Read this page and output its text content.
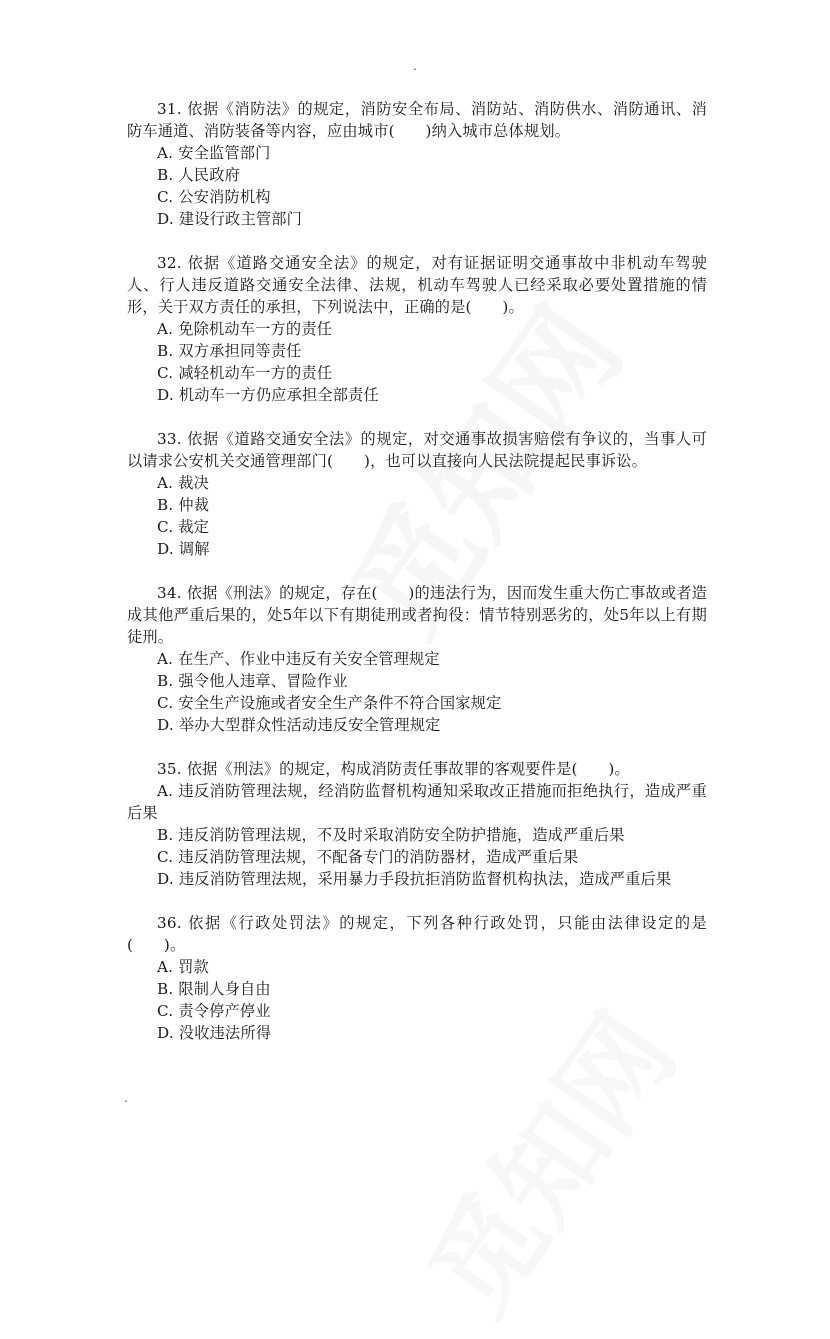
.
31. 依据《消防法》的规定，消防安全布局、消防站、消防供水、消防通讯、消防车通道、消防装备等内容，应由城市(　　)纳入城市总体规划。
A. 安全监管部门
B. 人民政府
C. 公安消防机构
D. 建设行政主管部门
32. 依据《道路交通安全法》的规定，对有证据证明交通事故中非机动车驾驶人、行人违反道路交通安全法律、法规，机动车驾驶人已经采取必要处置措施的情形，关于双方责任的承担，下列说法中，正确的是(　　)。
A. 免除机动车一方的责任
B. 双方承担同等责任
C. 减轻机动车一方的责任
D. 机动车一方仍应承担全部责任
33. 依据《道路交通安全法》的规定，对交通事故损害赔偿有争议的，当事人可以请求公安机关交通管理部门(　　)，也可以直接向人民法院提起民事诉讼。
A. 裁决
B. 仲裁
C. 裁定
D. 调解
34. 依据《刑法》的规定，存在(　　)的违法行为，因而发生重大伤亡事故或者造成其他严重后果的，处5年以下有期徒刑或者拘役：情节特别恶劣的，处5年以上有期徒刑。
A. 在生产、作业中违反有关安全管理规定
B. 强令他人违章、冒险作业
C. 安全生产设施或者安全生产条件不符合国家规定
D. 举办大型群众性活动违反安全管理规定
35. 依据《刑法》的规定，构成消防责任事故罪的客观要件是(　　)。
A. 违反消防管理法规，经消防监督机构通知采取改正措施而拒绝执行，造成严重后果
B. 违反消防管理法规，不及时采取消防安全防护措施，造成严重后果
C. 违反消防管理法规，不配备专门的消防器材，造成严重后果
D. 违反消防管理法规，采用暴力手段抗拒消防监督机构执法，造成严重后果
36. 依据《行政处罚法》的规定，下列各种行政处罚，只能由法律设定的是(　　)。
A. 罚款
B. 限制人身自由
C. 责令停产停业
D. 没收违法所得
.
